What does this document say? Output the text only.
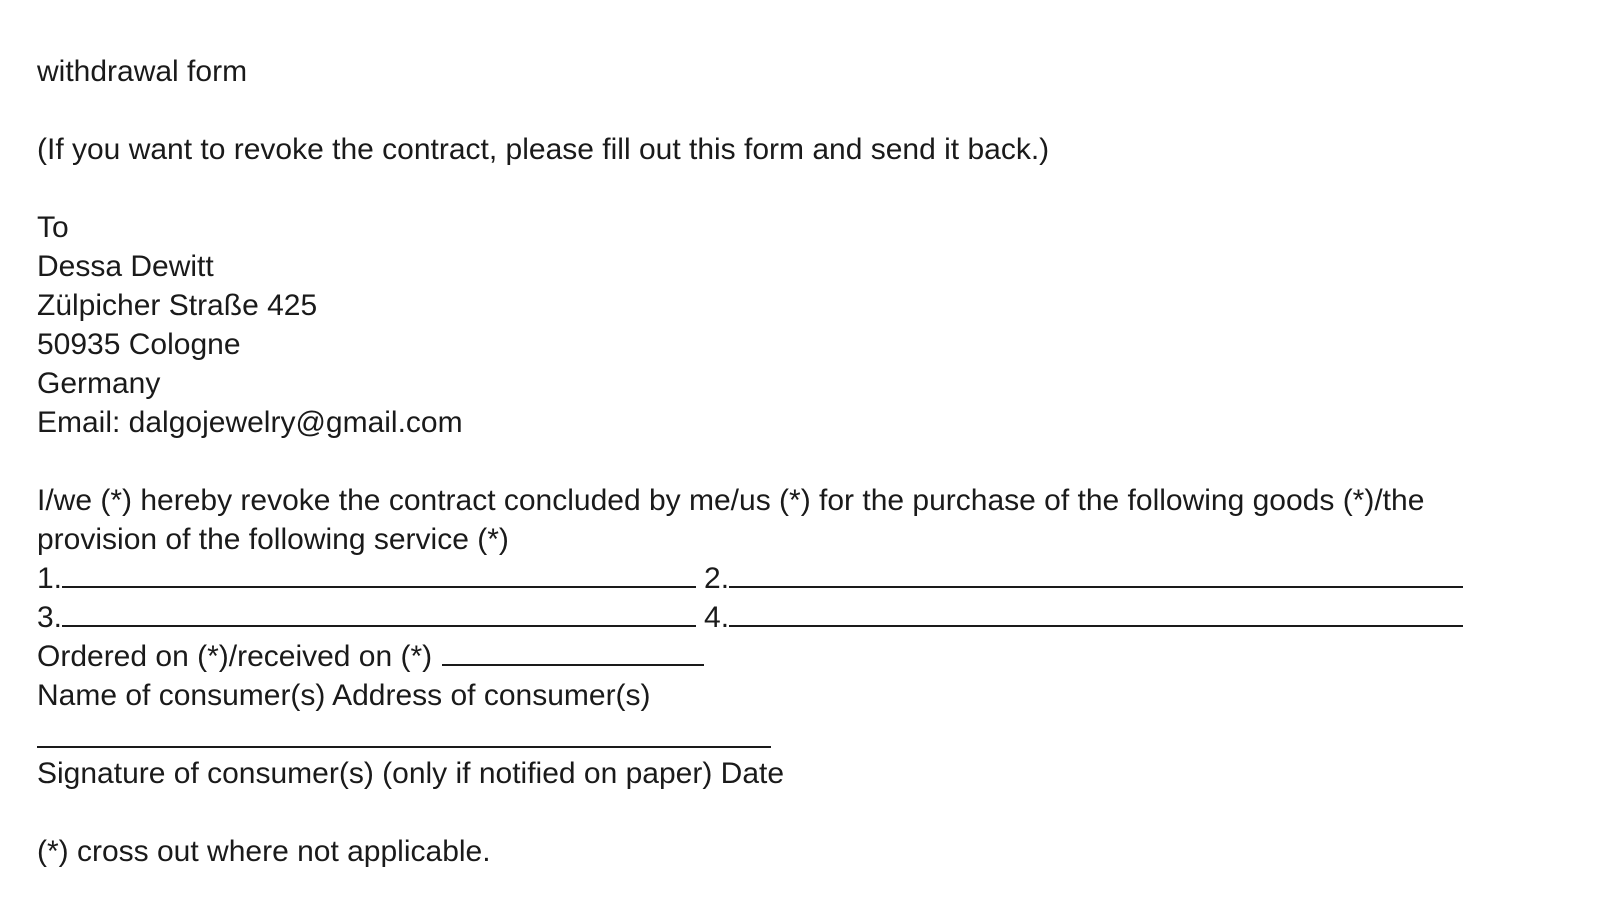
withdrawal form
(If you want to revoke the contract, please fill out this form and send it back.)
To
Dessa Dewitt
Zülpicher Straße 425
50935 Cologne
Germany
Email: dalgojewelry@gmail.com
I/we (*) hereby revoke the contract concluded by me/us (*) for the purchase of the following goods (*)/the
provision of the following service (*)
1.	2.
3.	4.
Ordered on (*)/received on (*)
Name of consumer(s) Address of consumer(s)
Signature of consumer(s) (only if notified on paper) Date
(*) cross out where not applicable.
